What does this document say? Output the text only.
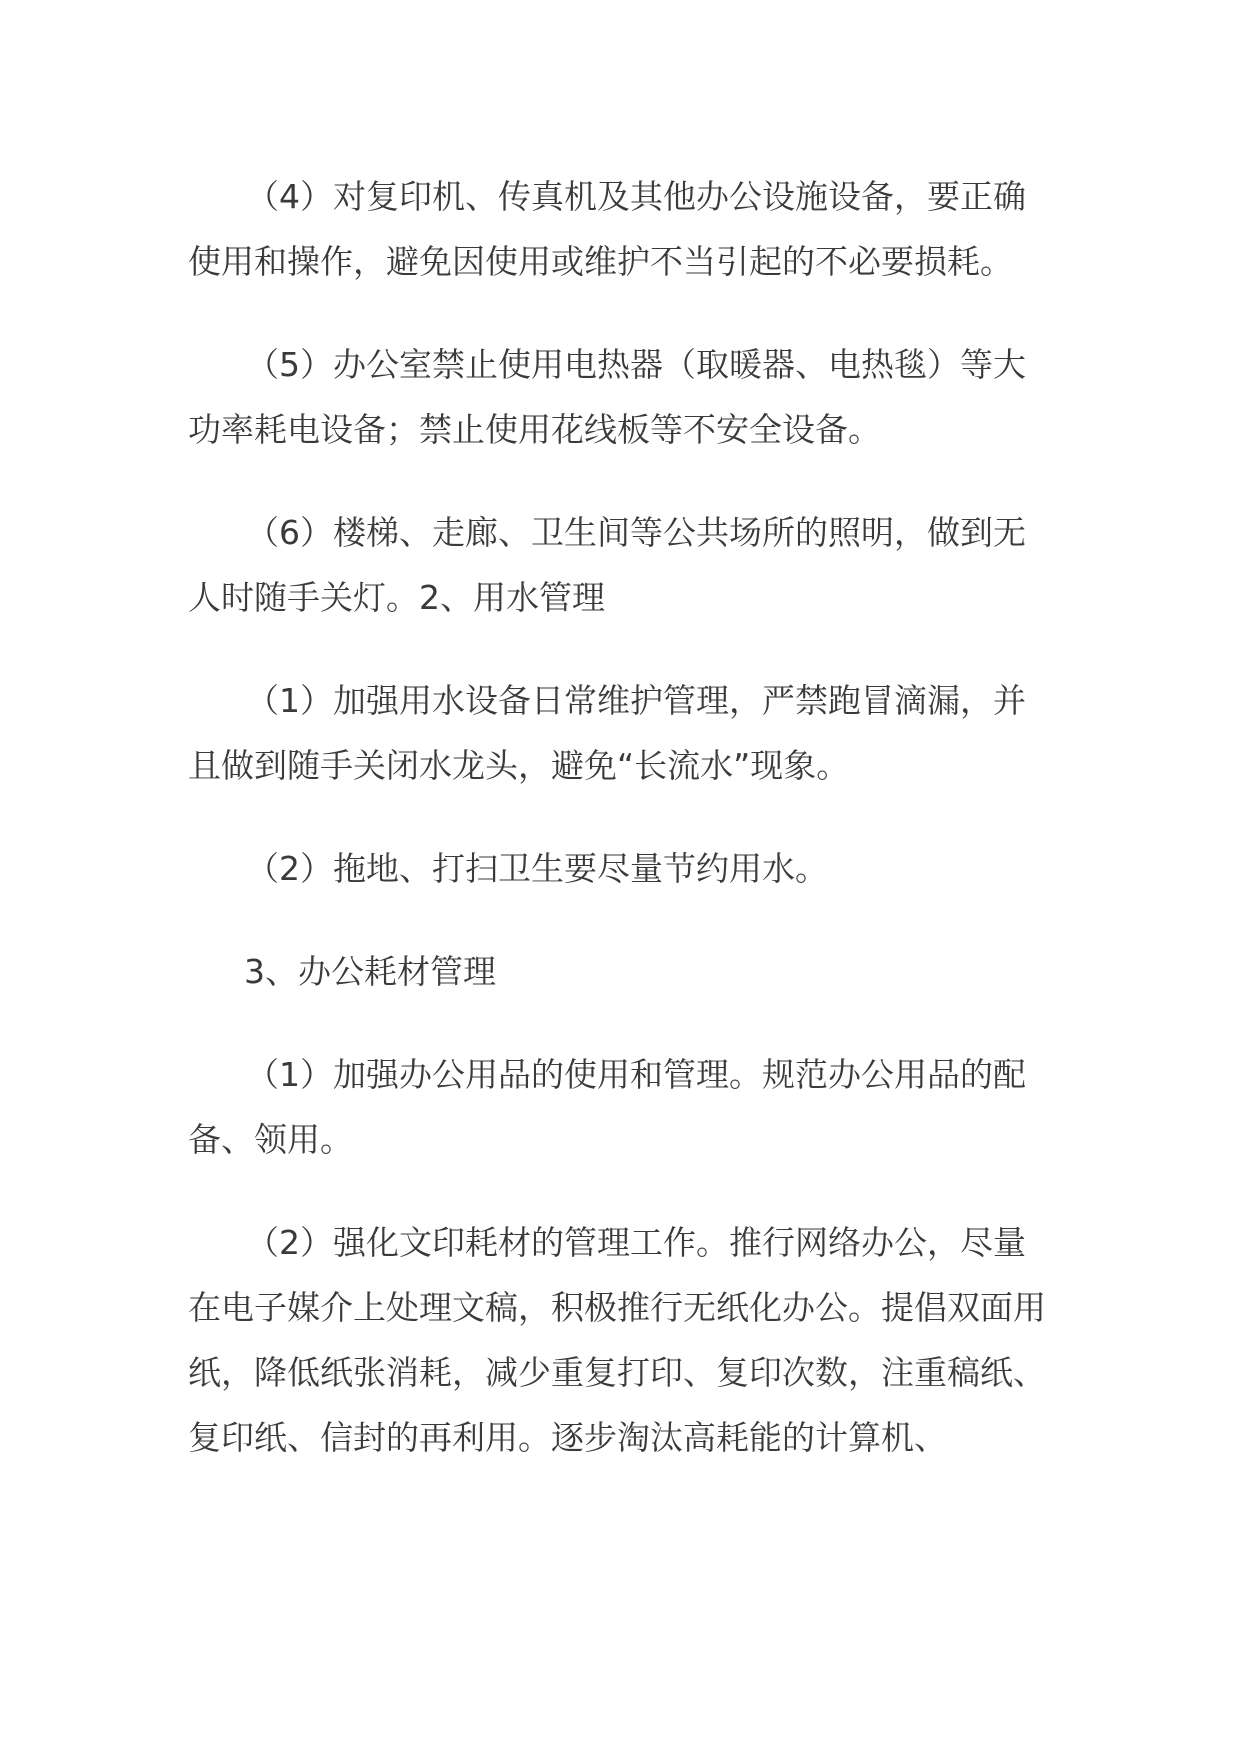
（4）对复印机、传真机及其他办公设施设备，要正确使用和操作，避免因使用或维护不当引起的不必要损耗。

（5）办公室禁止使用电热器（取暖器、电热毯）等大功率耗电设备；禁止使用花线板等不安全设备。

（6）楼梯、走廊、卫生间等公共场所的照明，做到无人时随手关灯。2、用水管理

（1）加强用水设备日常维护管理，严禁跑冒滴漏，并且做到随手关闭水龙头，避免“长流水”现象。

（2）拖地、打扫卫生要尽量节约用水。

3、办公耗材管理

（1）加强办公用品的使用和管理。规范办公用品的配备、领用。

（2）强化文印耗材的管理工作。推行网络办公，尽量在电子媒介上处理文稿，积极推行无纸化办公。提倡双面用纸，降低纸张消耗，减少重复打印、复印次数，注重稿纸、复印纸、信封的再利用。逐步淘汰高耗能的计算机、
